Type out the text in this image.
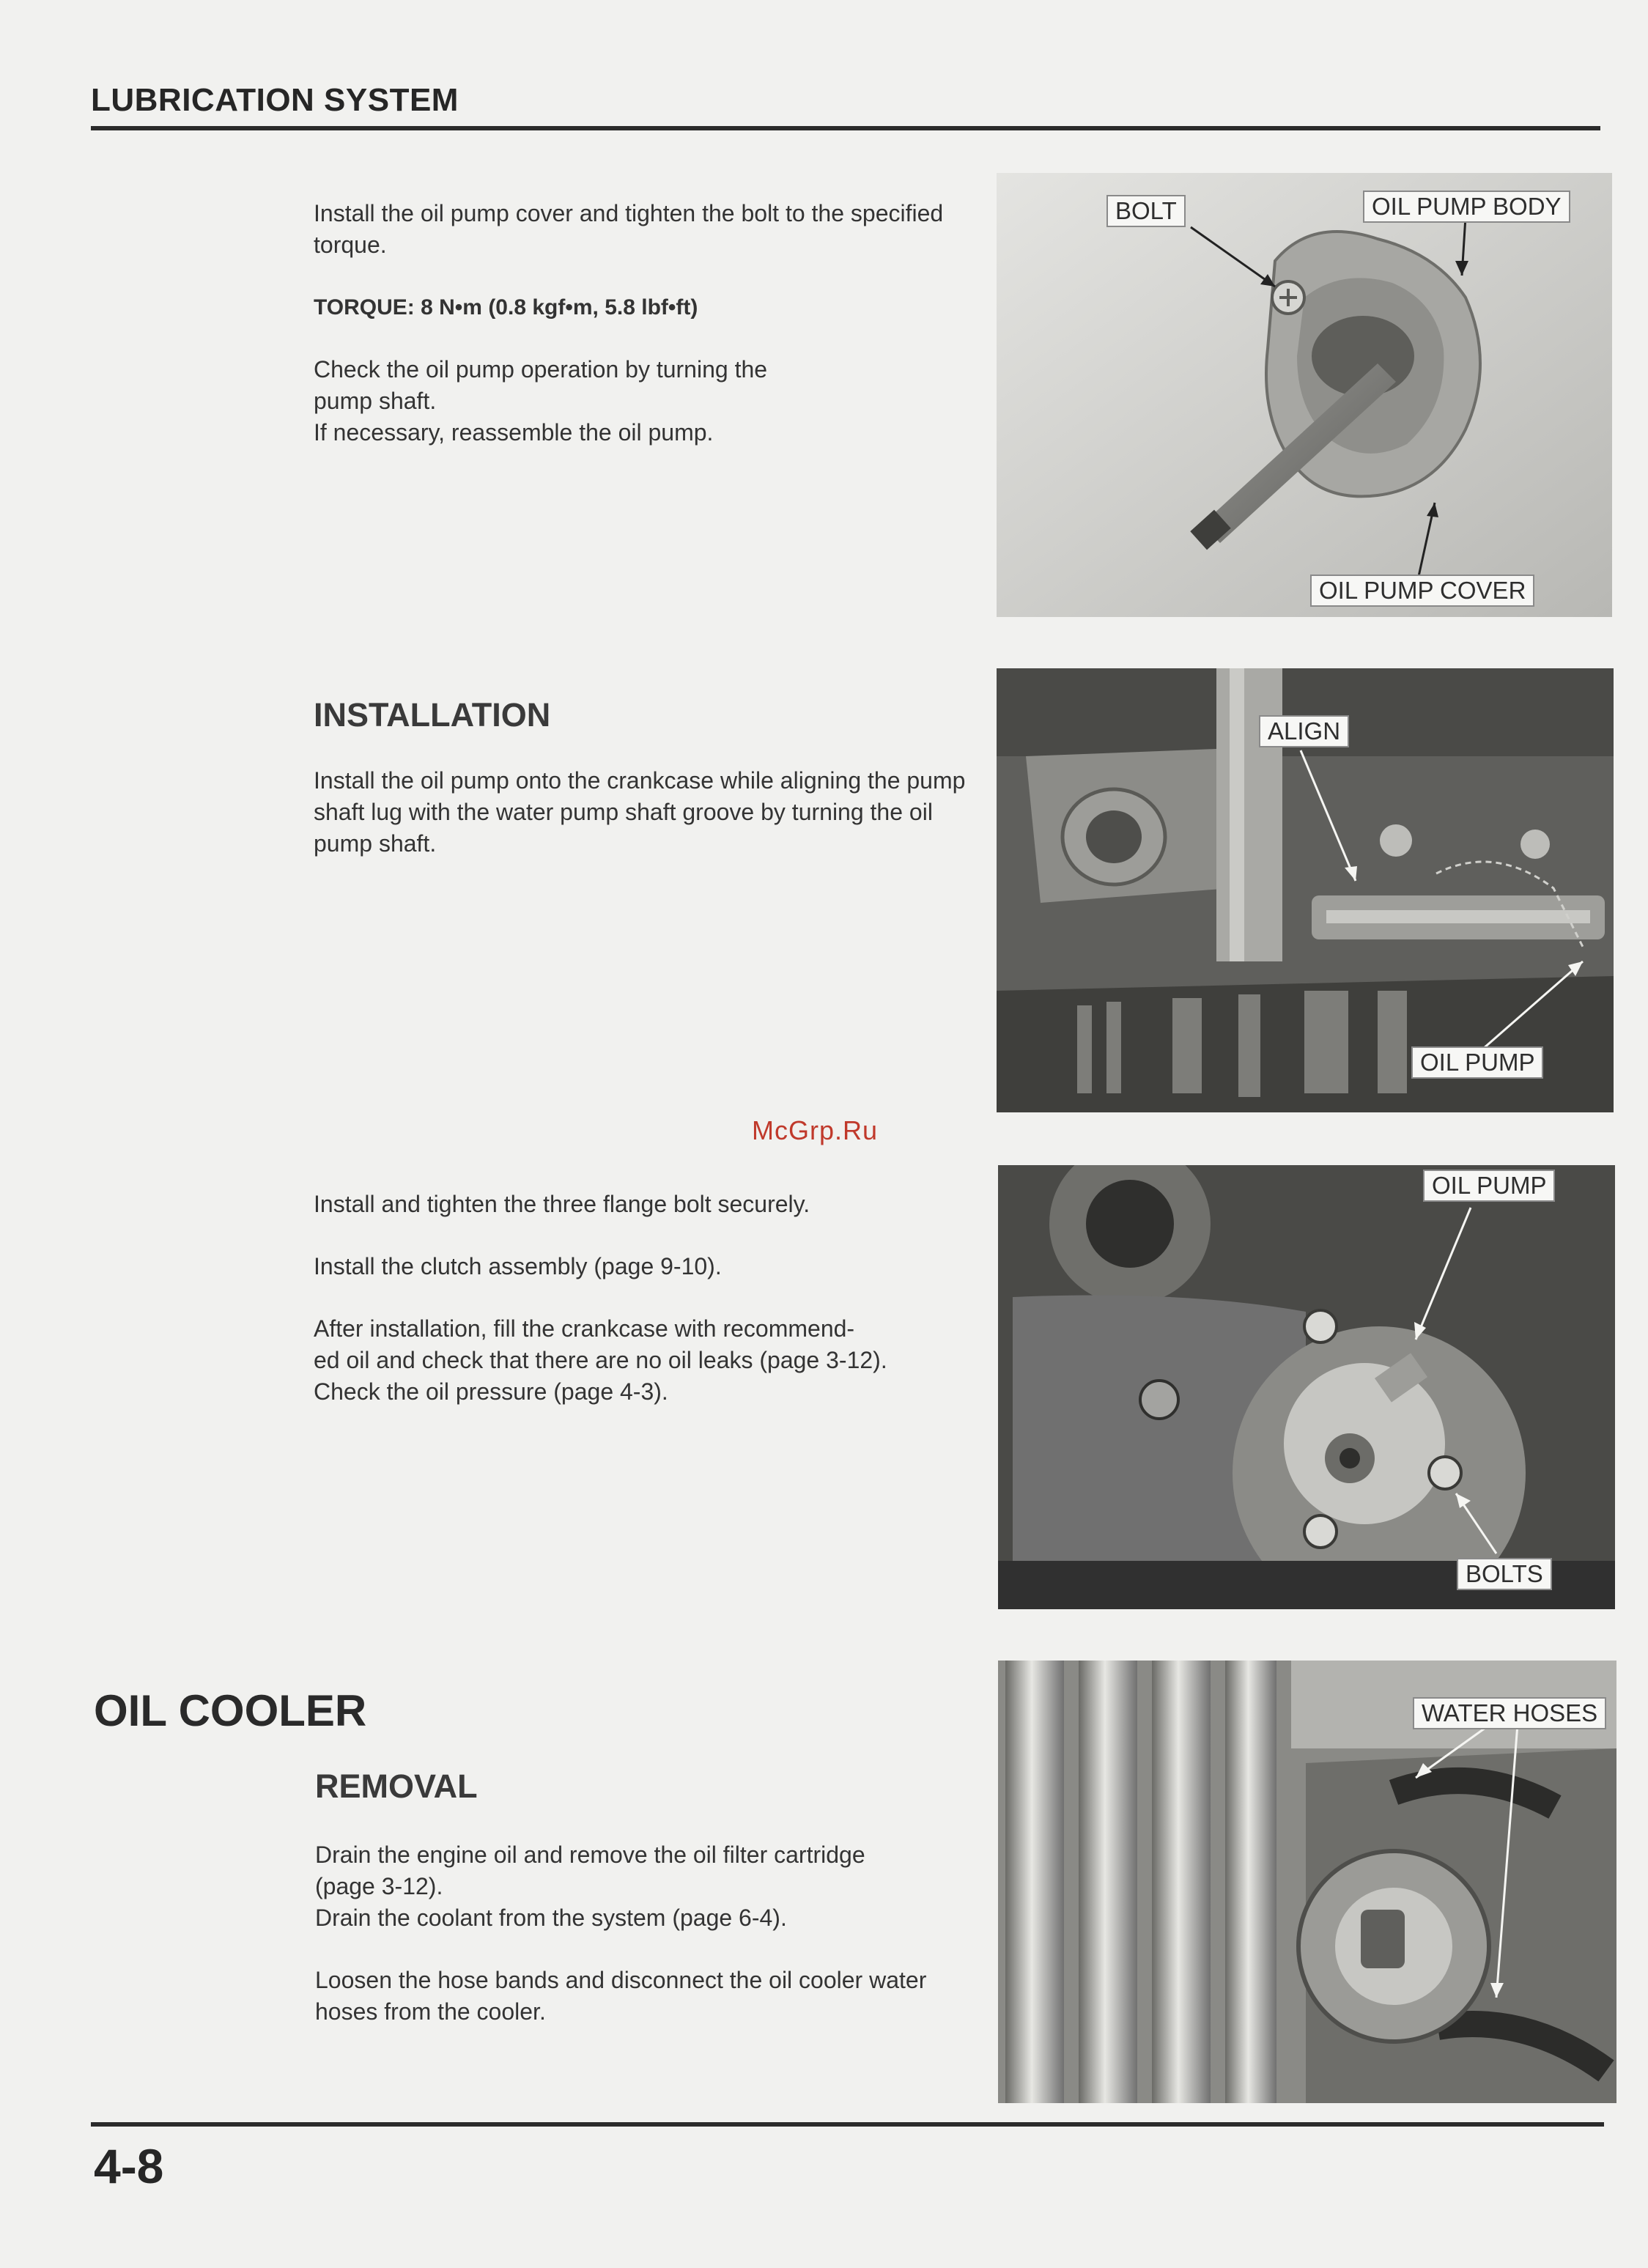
LUBRICATION SYSTEM

Install the oil pump cover and tighten the bolt to the specified torque.

TORQUE: 8 N•m (0.8 kgf•m, 5.8 lbf•ft)

Check the oil pump operation by turning the

pump shaft.

If necessary, reassemble the oil pump.

BOLT	OIL PUMP BODY
OIL PUMP COVER
INSTALLATION
Install the oil pump onto the crankcase while aligning the pump shaft lug with the water pump shaft groove by turning the oil pump shaft.
ALIGN
OIL PUMP
McGrp.Ru

Install and tighten the three flange bolt securely.

Install the clutch assembly (page 9-10).

After installation, fill the crankcase with recommend-

ed oil and check that there are no oil leaks (page 3-12).

Check the oil pressure (page 4-3).

OIL PUMP
BOLTS
OIL COOLER
REMOVAL

Drain the engine oil and remove the oil filter cartridge

(page 3-12).

Drain the coolant from the system (page 6-4).

Loosen the hose bands and disconnect the oil cooler water hoses from the cooler.

WATER HOSES
4-8
